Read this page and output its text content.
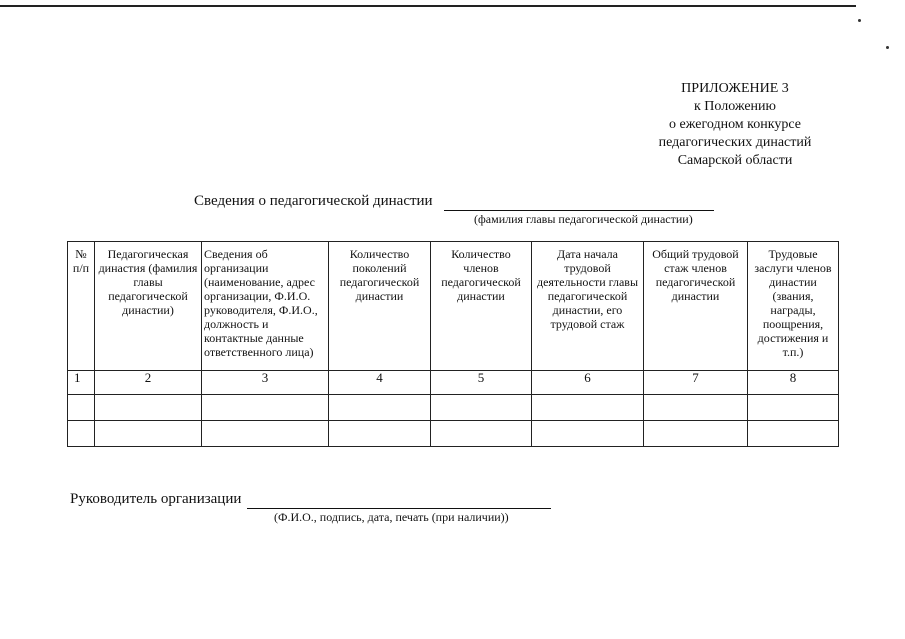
ПРИЛОЖЕНИЕ 3
к Положению
о ежегодном конкурсе
педагогических династий
Самарской области
Сведения о педагогической династии
(фамилия главы педагогической династии)
№ п/п	Педагогическая династия (фамилия главы педагогической династии)	Сведения об организации (наименование, адрес организации, Ф.И.О. руководителя, Ф.И.О., должность и контактные данные ответственного лица)	Количество поколений педагогической династии	Количество членов педагогической династии	Дата начала трудовой деятельности главы педагогической династии, его трудовой стаж	Общий трудовой стаж членов педагогической династии	Трудовые заслуги членов династии (звания, награды, поощрения, достижения и т.п.)

1	2	3	4	5	6	7	8

Руководитель организации
(Ф.И.О., подпись, дата, печать (при наличии))
